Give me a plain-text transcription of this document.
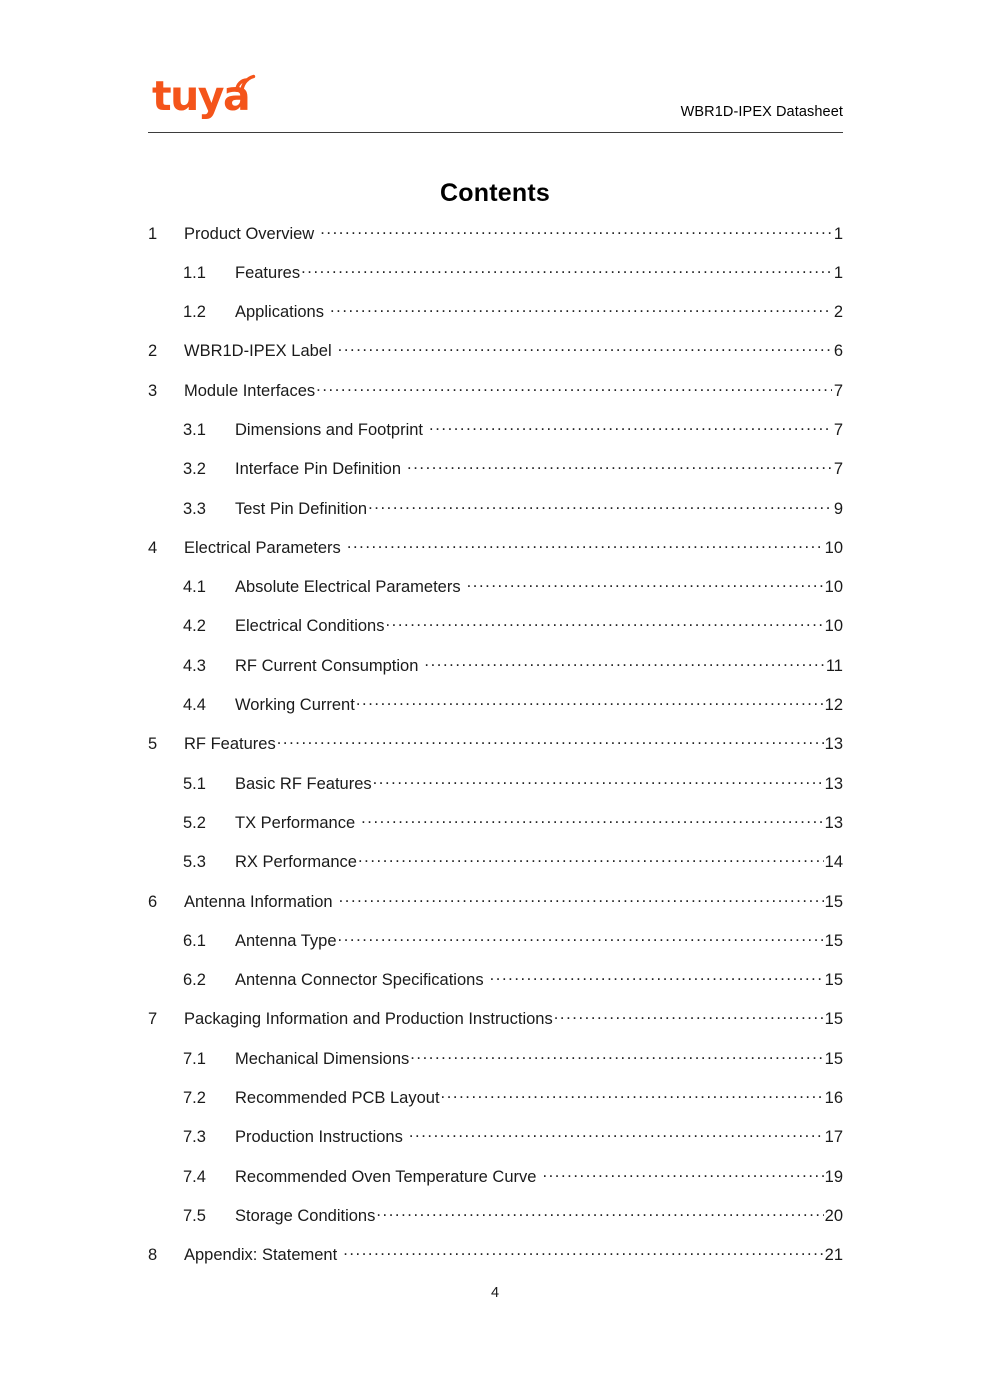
tuya	WBR1D-IPEX Datasheet
Contents
1	Product Overview .....	1
1.1	Features .....	1
1.2	Applications .....	2
2	WBR1D-IPEX Label .....	6
3	Module Interfaces .....	7
3.1	Dimensions and Footprint .....	7
3.2	Interface Pin Definition .....	7
3.3	Test Pin Definition .....	9
4	Electrical Parameters .....	10
4.1	Absolute Electrical Parameters .....	10
4.2	Electrical Conditions .....	10
4.3	RF Current Consumption .....	11
4.4	Working Current .....	12
5	RF Features .....	13
5.1	Basic RF Features .....	13
5.2	TX Performance .....	13
5.3	RX Performance .....	14
6	Antenna Information .....	15
6.1	Antenna Type .....	15
6.2	Antenna Connector Specifications .....	15
7	Packaging Information and Production Instructions .....	15
7.1	Mechanical Dimensions .....	15
7.2	Recommended PCB Layout .....	16
7.3	Production Instructions .....	17
7.4	Recommended Oven Temperature Curve .....	19
7.5	Storage Conditions .....	20
8	Appendix: Statement .....	21
4
